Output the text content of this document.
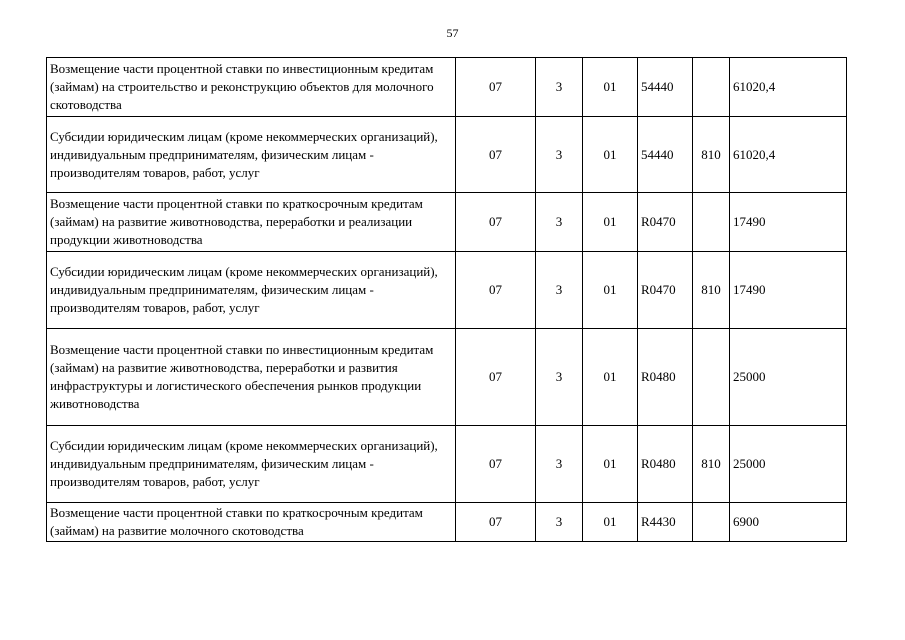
57
Возмещение части процентной ставки по инвестиционным кредитам (займам) на строительство и реконструкцию объектов для молочного скотоводства	07	3	01	54440		61020,4
Субсидии юридическим лицам (кроме некоммерческих организаций), индивидуальным предпринимателям, физическим лицам - производителям товаров, работ, услуг	07	3	01	54440	810	61020,4
Возмещение части процентной ставки по краткосрочным кредитам (займам) на развитие животноводства, переработки и реализации продукции животноводства	07	3	01	R0470		17490
Субсидии юридическим лицам (кроме некоммерческих организаций), индивидуальным предпринимателям, физическим лицам - производителям товаров, работ, услуг	07	3	01	R0470	810	17490
Возмещение части процентной ставки по инвестиционным кредитам (займам) на развитие животноводства, переработки и развития инфраструктуры и логистического обеспечения рынков продукции животноводства	07	3	01	R0480		25000
Субсидии юридическим лицам (кроме некоммерческих организаций), индивидуальным предпринимателям, физическим лицам - производителям товаров, работ, услуг	07	3	01	R0480	810	25000
Возмещение части процентной ставки по краткосрочным кредитам (займам) на развитие молочного скотоводства	07	3	01	R4430		6900
